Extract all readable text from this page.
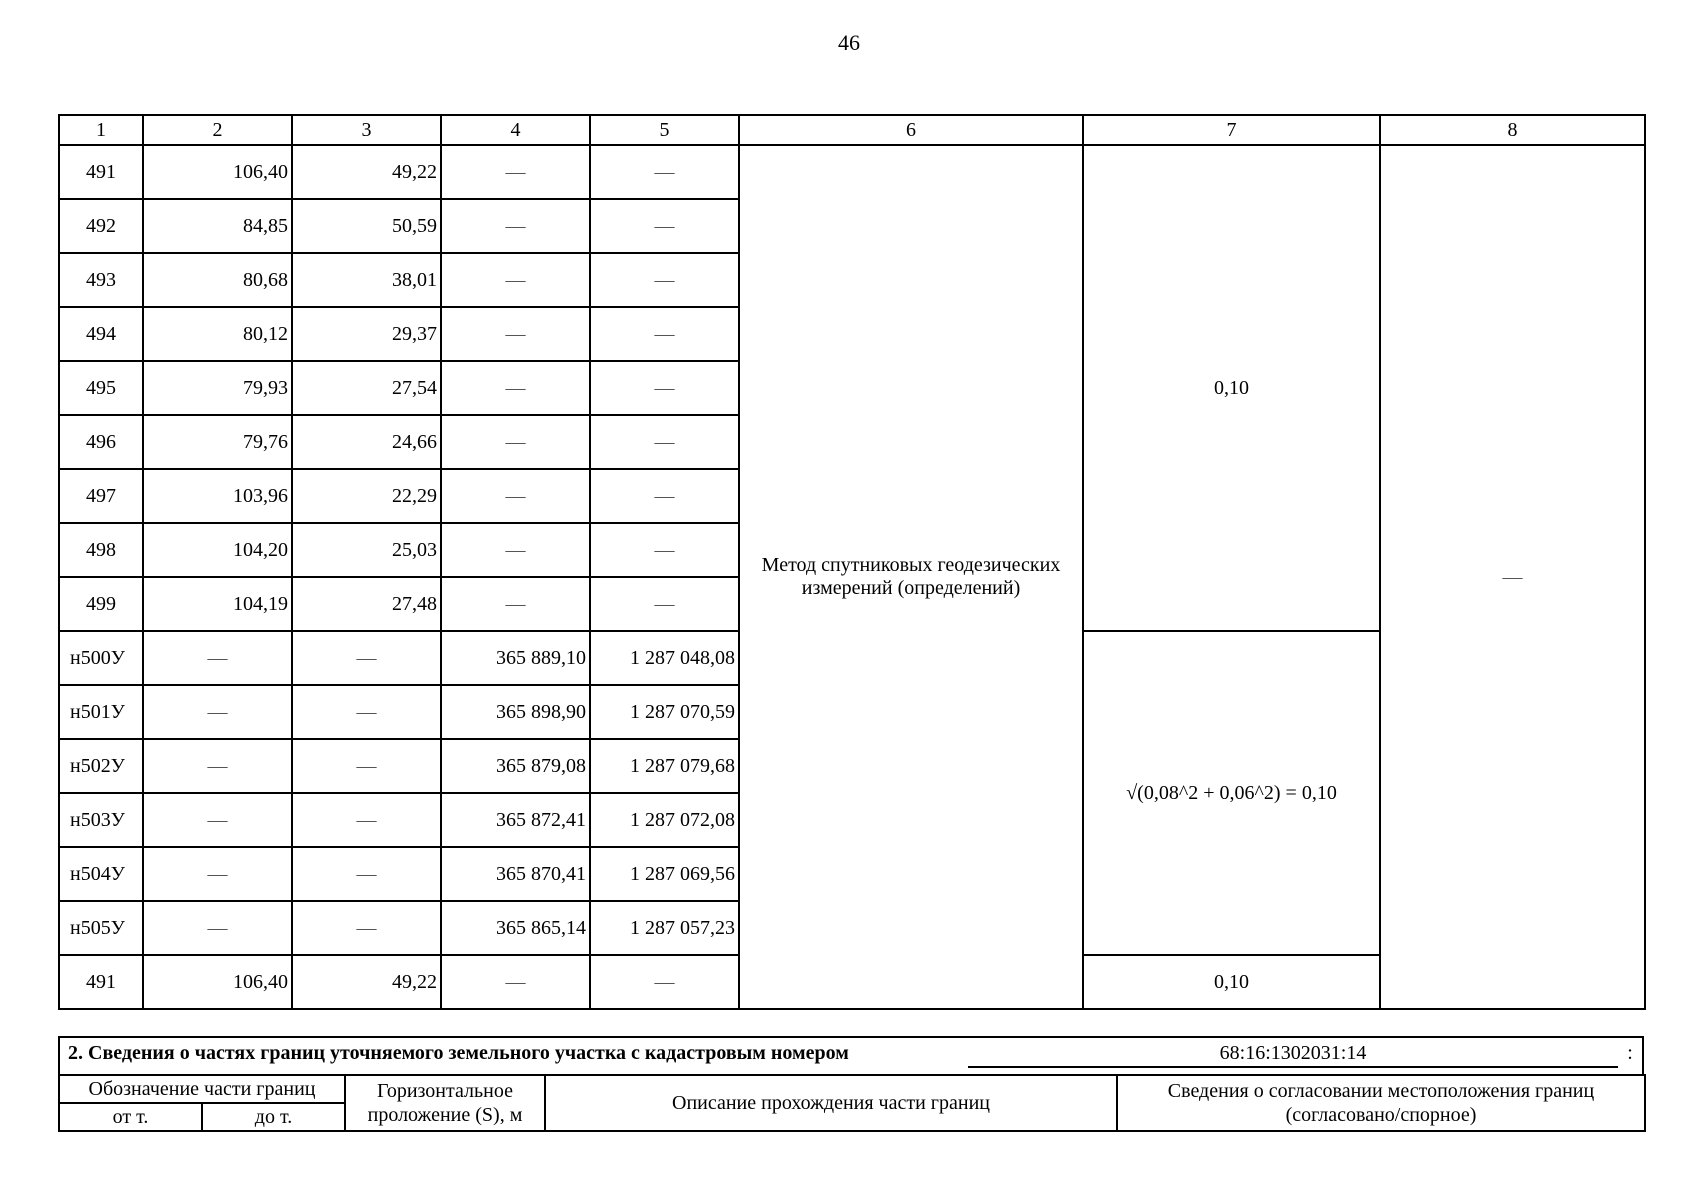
46
1	2	3	4	5	6	7	8
491	106,40	49,22	—	—	Метод спутниковых геодезических измерений (определений)	0,10	—
492	84,85	50,59	—	—			
493	80,68	38,01	—	—			
494	80,12	29,37	—	—			
495	79,93	27,54	—	—			
496	79,76	24,66	—	—			
497	103,96	22,29	—	—			
498	104,20	25,03	—	—			
499	104,19	27,48	—	—			
н500У	—	—	365 889,10	1 287 048,08		√(0,08^2 + 0,06^2) = 0,10	
н501У	—	—	365 898,90	1 287 070,59			
н502У	—	—	365 879,08	1 287 079,68			
н503У	—	—	365 872,41	1 287 072,08			
н504У	—	—	365 870,41	1 287 069,56			
н505У	—	—	365 865,14	1 287 057,23			
491	106,40	49,22	—	—		0,10	
2. Сведения о частях границ уточняемого земельного участка с кадастровым номером	68:16:1302031:14	:
Обозначение части границ		Горизонтальное проложение (S), м	Описание прохождения части границ	Сведения о согласовании местоположения границ (согласовано/спорное)
от т.	до т.			
